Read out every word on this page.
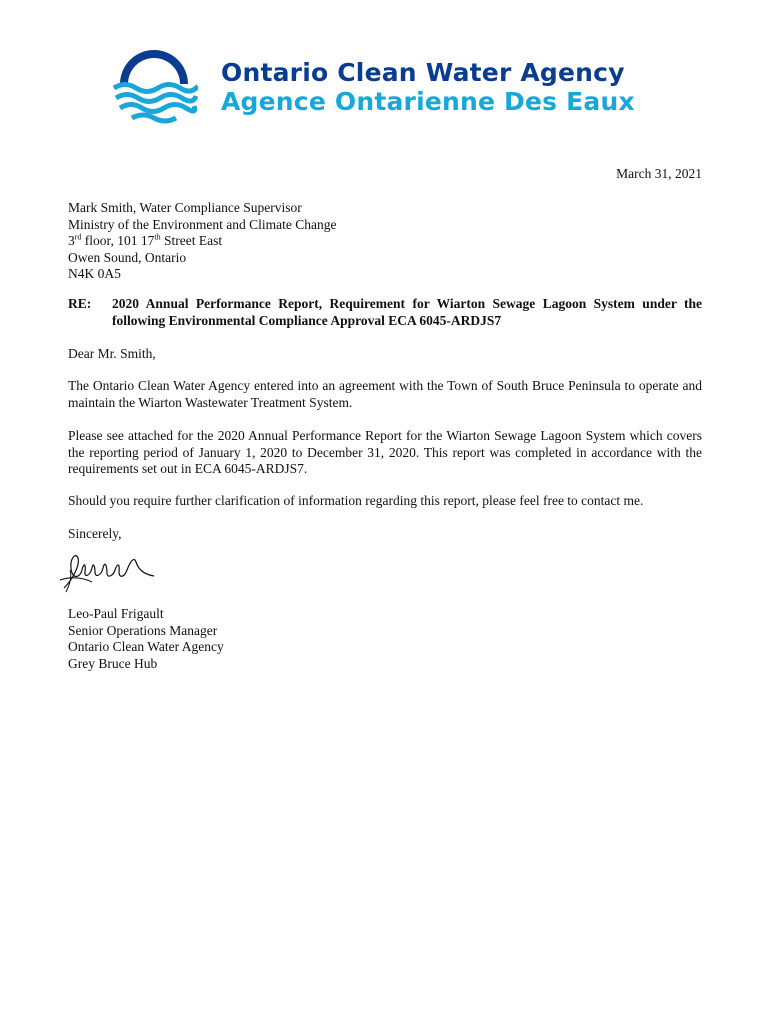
Ontario Clean Water Agency
Agence Ontarienne Des Eaux
March 31, 2021
Mark Smith, Water Compliance Supervisor
Ministry of the Environment and Climate Change
3rd floor, 101 17th Street East
Owen Sound, Ontario
N4K 0A5
RE: 2020 Annual Performance Report, Requirement for Wiarton Sewage Lagoon System under the following Environmental Compliance Approval ECA 6045-ARDJS7
Dear Mr. Smith,
The Ontario Clean Water Agency entered into an agreement with the Town of South Bruce Peninsula to operate and maintain the Wiarton Wastewater Treatment System.
Please see attached for the 2020 Annual Performance Report for the Wiarton Sewage Lagoon System which covers the reporting period of January 1, 2020 to December 31, 2020. This report was completed in accordance with the requirements set out in ECA 6045-ARDJS7.
Should you require further clarification of information regarding this report, please feel free to contact me.
Sincerely,
Leo-Paul Frigault
Senior Operations Manager
Ontario Clean Water Agency
Grey Bruce Hub
